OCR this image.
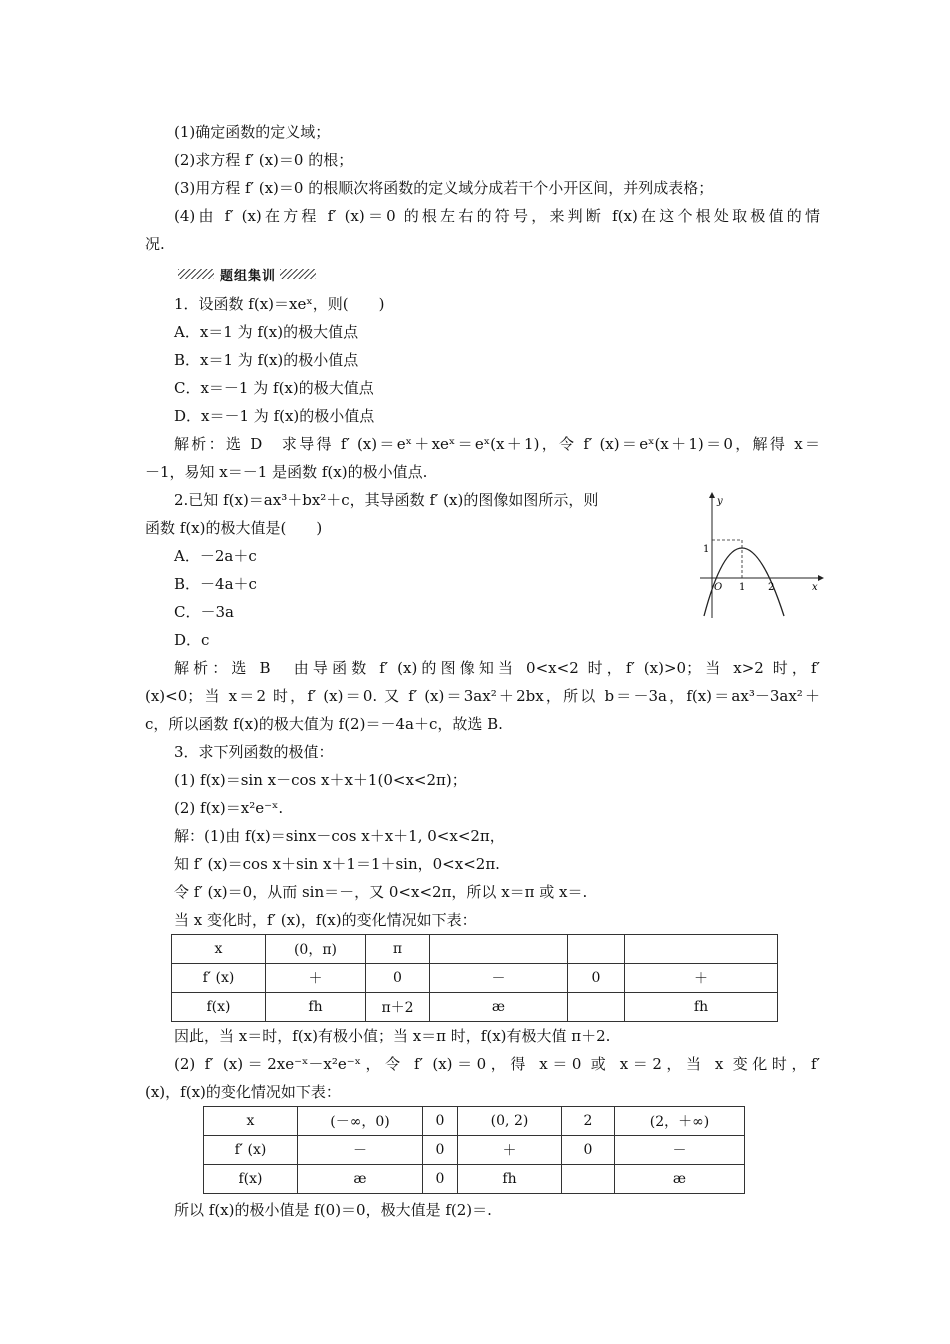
(1)确定函数的定义域；
(2)求方程 f′ (x)＝0 的根；
(3)用方程 f′ (x)＝0 的根顺次将函数的定义域分成若干个小开区间，并列成表格；
(4)由 f′ (x)在方程 f′ (x)＝0 的根左右的符号，来判断 f(x)在这个根处取极值的情
况.
题组集训
1．设函数 f(x)＝xeˣ，则(　　)
A．x＝1 为 f(x)的极大值点
B．x＝1 为 f(x)的极小值点
C．x＝－1 为 f(x)的极大值点
D．x＝－1 为 f(x)的极小值点
解析：选 D　求导得 f′ (x)＝eˣ＋xeˣ＝eˣ(x＋1)，令 f′ (x)＝eˣ(x＋1)＝0，解得 x＝
－1，易知 x＝－1 是函数 f(x)的极小值点.
2.已知 f(x)＝ax³＋bx²＋c，其导函数 f′ (x)的图像如图所示，则
函数 f(x)的极大值是(　　)
A．－2a＋c
B．－4a＋c
C．－3a
D．c
y
x
O 1 2
1
解析：选 B　由导函数 f′ (x)的图像知当 0<x<2 时，f′ (x)>0；当 x>2 时，f′
(x)<0；当 x＝2 时，f′ (x)＝0. 又 f′ (x)＝3ax²＋2bx，所以 b＝－3a，f(x)＝ax³－3ax²＋
c，所以函数 f(x)的极大值为 f(2)＝－4a＋c，故选 B.
3．求下列函数的极值：
(1) f(x)＝sin x－cos x＋x＋1(0<x<2π)；
(2) f(x)＝x²e⁻ˣ.
解：(1)由 f(x)＝sinx－cos x＋x＋1, 0<x<2π，
知 f′ (x)＝cos x＋sin x＋1＝1＋sin，0<x<2π.
令 f′ (x)＝0，从而 sin＝－，又 0<x<2π，所以 x＝π 或 x＝.
当 x 变化时，f′ (x)，f(x)的变化情况如下表：
x	(0，π)	π			
f′ (x)	＋	0	－	0	＋
f(x)	fh	π＋2	æ		fh
因此，当 x＝时，f(x)有极小值；当 x＝π 时，f(x)有极大值 π＋2.
(2) f′ (x)＝2xe⁻ˣ－x²e⁻ˣ，令 f′ (x)＝0，得 x＝0 或 x＝2，当 x 变化时，f′
(x)，f(x)的变化情况如下表：
x	(－∞，0)	0	(0, 2)	2	(2，＋∞)
f′ (x)	－	0	＋	0	－
f(x)	æ	0	fh		æ
所以 f(x)的极小值是 f(0)＝0，极大值是 f(2)＝.
